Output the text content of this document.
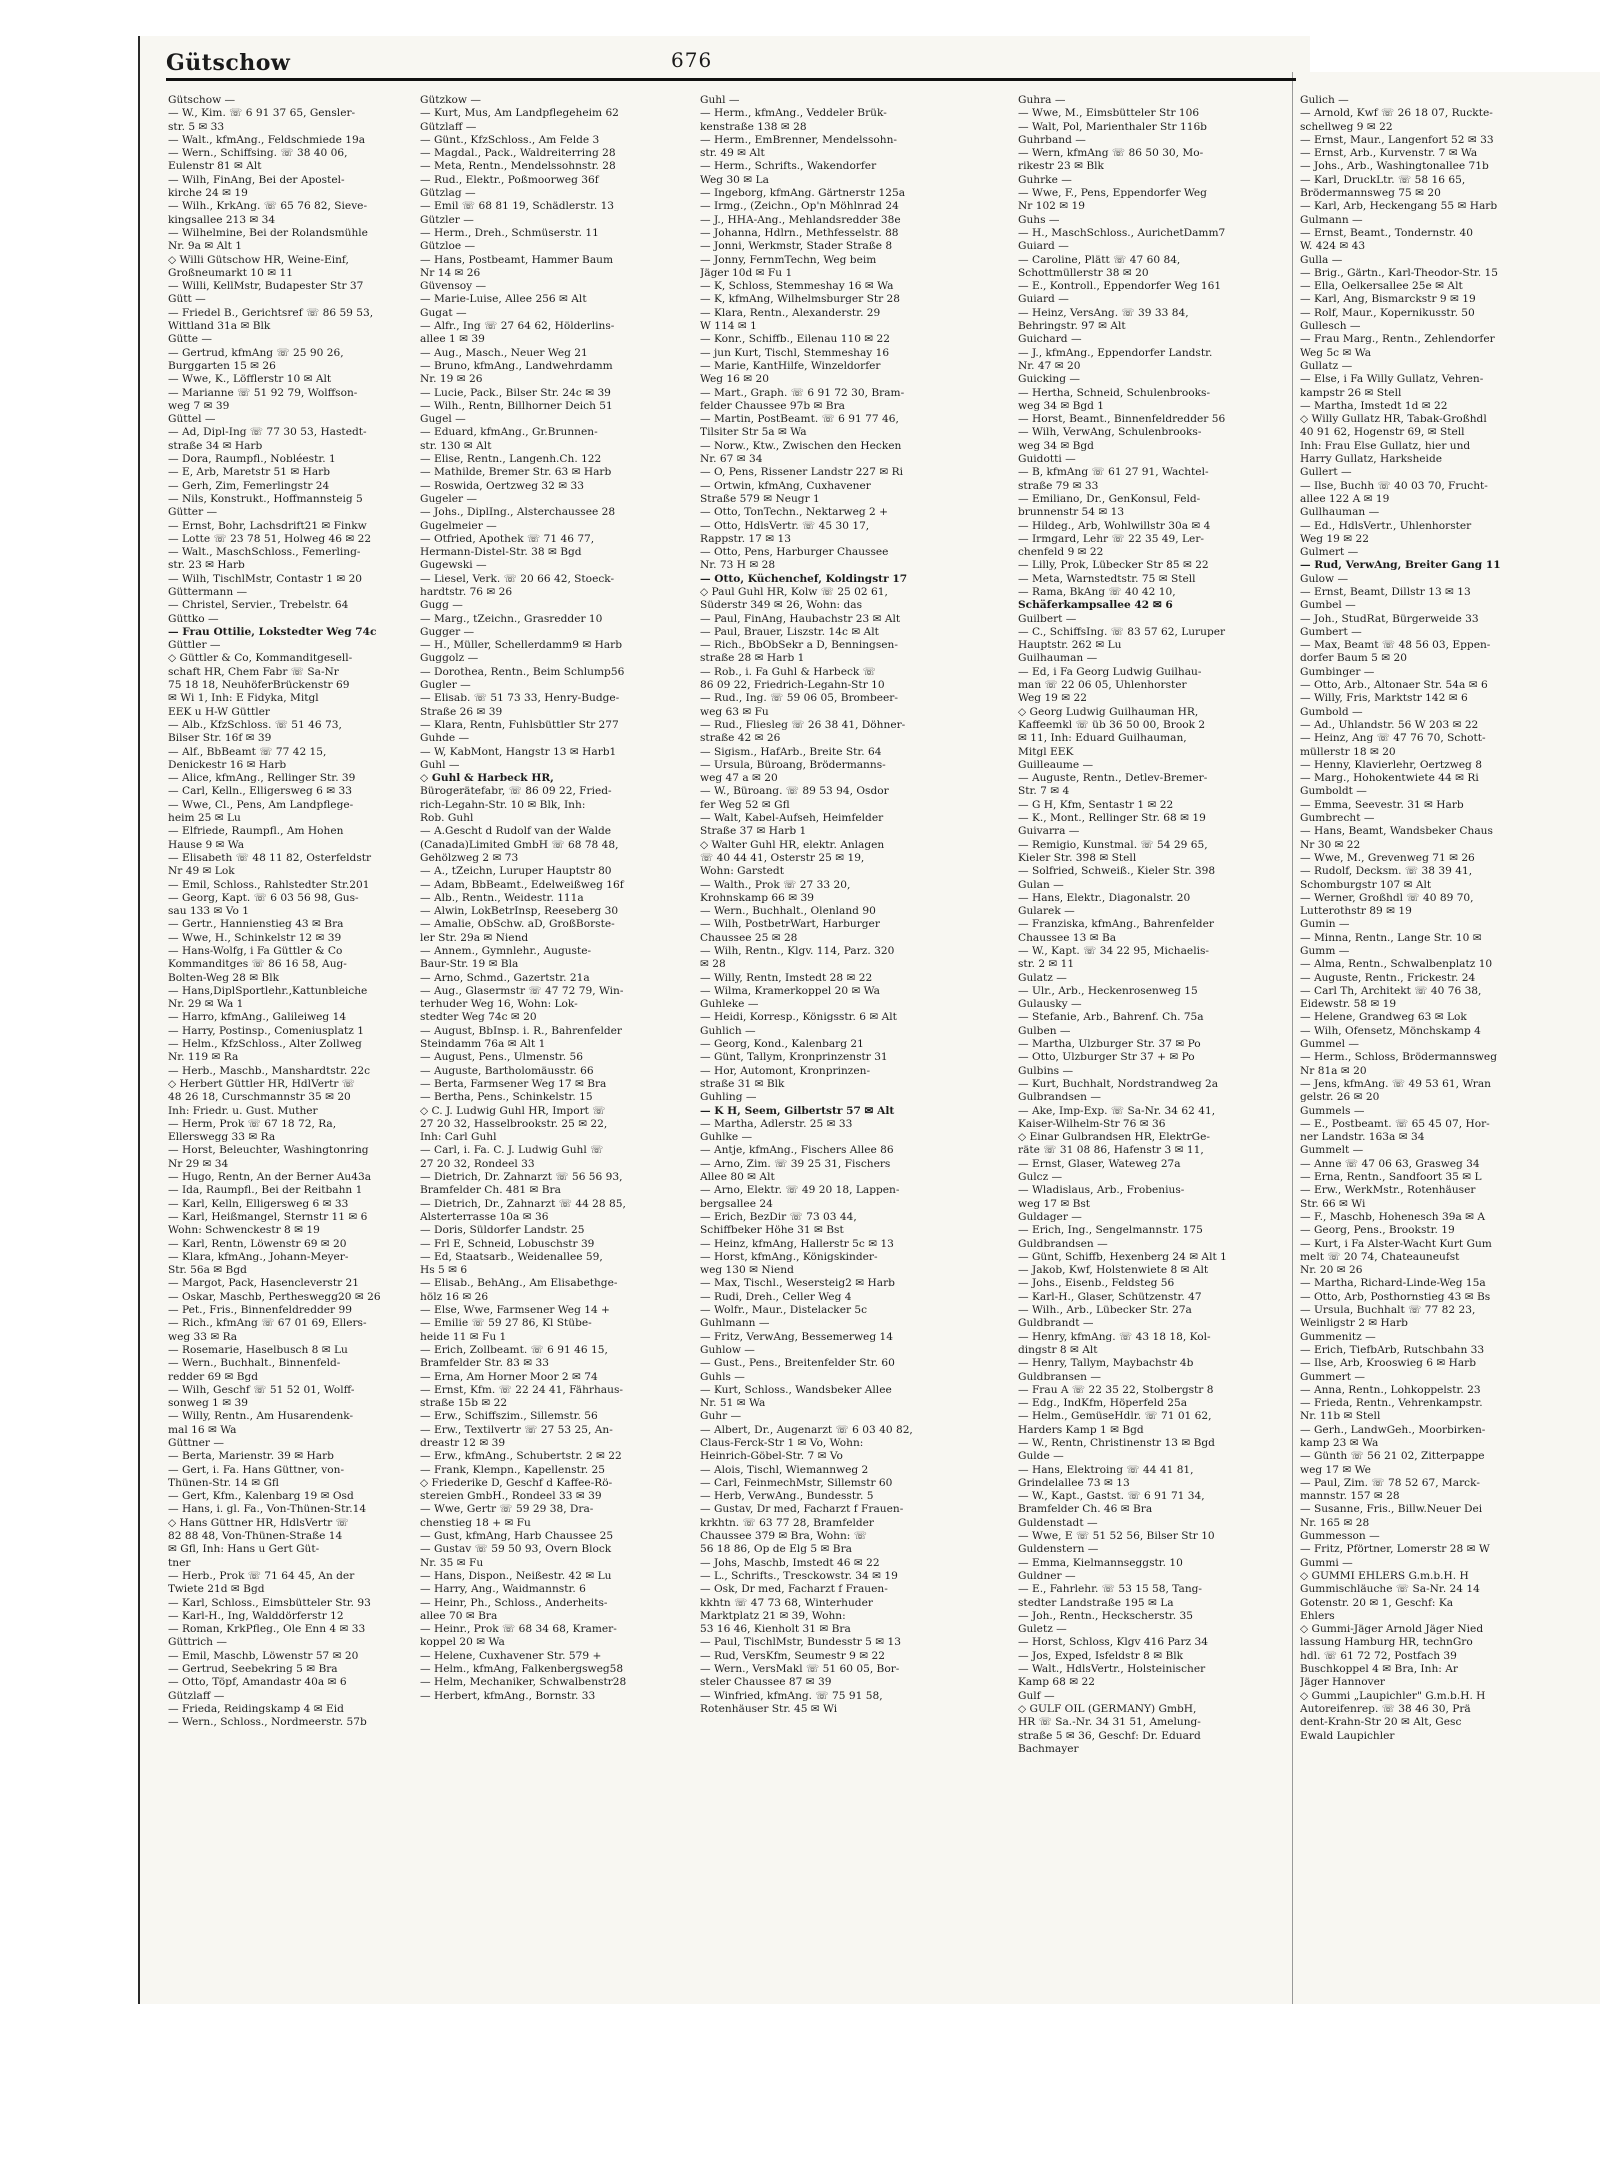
Gütschow	676
Gütschow —
— W., Kim. ☏ 6 91 37 65, Gensler-
str. 5 ✉ 33
— Walt., kfmAng., Feldschmiede 19a
— Wern., Schiffsing. ☏ 38 40 06,
Eulenstr 81 ✉ Alt
— Wilh, FinAng, Bei der Apostel-
kirche 24 ✉ 19
— Wilh., KrkAng. ☏ 65 76 82, Sieve-
kingsallee 213 ✉ 34
— Wilhelmine, Bei der Rolandsmühle
Nr. 9a ✉ Alt 1
◇ Willi Gütschow HR, Weine-Einf,
Großneumarkt 10 ✉ 11
— Willi, KellMstr, Budapester Str 37
Gütt —
— Friedel B., Gerichtsref ☏ 86 59 53,
Wittland 31a ✉ Blk
Gütte —
— Gertrud, kfmAng ☏ 25 90 26,
Burggarten 15 ✉ 26
— Wwe, K., Löfflerstr 10 ✉ Alt
— Marianne ☏ 51 92 79, Wolffson-
weg 7 ✉ 39
Güttel —
— Ad, Dipl-Ing ☏ 77 30 53, Hastedt-
straße 34 ✉ Harb
— Dora, Raumpfl., Nobléestr. 1
— E, Arb, Maretstr 51 ✉ Harb
— Gerh, Zim, Femerlingstr 24
— Nils, Konstrukt., Hoffmannsteig 5
Gütter —
— Ernst, Bohr, Lachsdrift21 ✉ Finkw
— Lotte ☏ 23 78 51, Holweg 46 ✉ 22
— Walt., MaschSchloss., Femerling-
str. 23 ✉ Harb
— Wilh, TischlMstr, Contastr 1 ✉ 20
Güttermann —
— Christel, Servier., Trebelstr. 64
Güttko —
— Frau Ottilie, Lokstedter Weg 74c
Güttler —
◇ Güttler & Co, Kommanditgesell-
schaft HR, Chem Fabr ☏ Sa-Nr
75 18 18, NeuhöferBrückenstr 69
✉ Wi 1, Inh: E Fidyka, Mitgl
EEK u H-W Güttler
— Alb., KfzSchloss. ☏ 51 46 73,
Bilser Str. 16f ✉ 39
— Alf., BbBeamt ☏ 77 42 15,
Denickestr 16 ✉ Harb
— Alice, kfmAng., Rellinger Str. 39
— Carl, Kelln., Elligersweg 6 ✉ 33
— Wwe, Cl., Pens, Am Landpflege-
heim 25 ✉ Lu
— Elfriede, Raumpfl., Am Hohen
Hause 9 ✉ Wa
— Elisabeth ☏ 48 11 82, Osterfeldstr
Nr 49 ✉ Lok
— Emil, Schloss., Rahlstedter Str.201
— Georg, Kapt. ☏ 6 03 56 98, Gus-
sau 133 ✉ Vo 1
— Gertr., Hannienstieg 43 ✉ Bra
— Wwe, H., Schinkelstr 12 ✉ 39
— Hans-Wolfg, i Fa Güttler & Co
Kommanditges ☏ 86 16 58, Aug-
Bolten-Weg 28 ✉ Blk
— Hans,DiplSportlehr.,Kattunbleiche
Nr. 29 ✉ Wa 1
— Harro, kfmAng., Galileiweg 14
— Harry, Postinsp., Comeniusplatz 1
— Helm., KfzSchloss., Alter Zollweg
Nr. 119 ✉ Ra
— Herb., Maschb., Manshardtstr. 22c
◇ Herbert Güttler HR, HdlVertr ☏
48 26 18, Curschmannstr 35 ✉ 20
Inh: Friedr. u. Gust. Muther
— Herm, Prok ☏ 67 18 72, Ra,
Ellerswegg 33 ✉ Ra
— Horst, Beleuchter, Washingtonring
Nr 29 ✉ 34
— Hugo, Rentn, An der Berner Au43a
— Ida, Raumpfl., Bei der Reitbahn 1
— Karl, Kelln, Elligersweg 6 ✉ 33
— Karl, Heißmangel, Sternstr 11 ✉ 6
Wohn: Schwenckestr 8 ✉ 19
— Karl, Rentn, Löwenstr 69 ✉ 20
— Klara, kfmAng., Johann-Meyer-
Str. 56a ✉ Bgd
— Margot, Pack, Hasencleverstr 21
— Oskar, Maschb, Pertheswegg20 ✉ 26
— Pet., Fris., Binnenfeldredder 99
— Rich., kfmAng ☏ 67 01 69, Ellers-
weg 33 ✉ Ra
— Rosemarie, Haselbusch 8 ✉ Lu
— Wern., Buchhalt., Binnenfeld-
redder 69 ✉ Bgd
— Wilh, Geschf ☏ 51 52 01, Wolff-
sonweg 1 ✉ 39
— Willy, Rentn., Am Husarendenk-
mal 16 ✉ Wa
Güttner —
— Berta, Marienstr. 39 ✉ Harb
— Gert, i. Fa. Hans Güttner, von-
Thünen-Str. 14 ✉ Gfl
— Gert, Kfm., Kalenbarg 19 ✉ Osd
— Hans, i. gl. Fa., Von-Thünen-Str.14
◇ Hans Güttner HR, HdlsVertr ☏
82 88 48, Von-Thünen-Straße 14
✉ Gfl, Inh: Hans u Gert Güt-
tner
— Herb., Prok ☏ 71 64 45, An der
Twiete 21d ✉ Bgd
— Karl, Schloss., Eimsbütteler Str. 93
— Karl-H., Ing, Walddörferstr 12
— Roman, KrkPfleg., Ole Enn 4 ✉ 33
Güttrich —
— Emil, Maschb, Löwenstr 57 ✉ 20
— Gertrud, Seebekring 5 ✉ Bra
— Otto, Töpf, Amandastr 40a ✉ 6
Gützlaff —
— Frieda, Reidingskamp 4 ✉ Eid
— Wern., Schloss., Nordmeerstr. 57b
Gützkow —
— Kurt, Mus, Am Landpflegeheim 62
Gützlaff —
— Günt., KfzSchloss., Am Felde 3
— Magdal., Pack., Waldreiterring 28
— Meta, Rentn., Mendelssohnstr. 28
— Rud., Elektr., Poßmoorweg 36f
Gützlag —
— Emil ☏ 68 81 19, Schädlerstr. 13
Gützler —
— Herm., Dreh., Schmüserstr. 11
Gützloe —
— Hans, Postbeamt, Hammer Baum
Nr 14 ✉ 26
Güvensoy —
— Marie-Luise, Allee 256 ✉ Alt
Gugat —
— Alfr., Ing ☏ 27 64 62, Hölderlins-
allee 1 ✉ 39
— Aug., Masch., Neuer Weg 21
— Bruno, kfmAng., Landwehrdamm
Nr. 19 ✉ 26
— Lucie, Pack., Bilser Str. 24c ✉ 39
— Wilh., Rentn, Billhorner Deich 51
Gugel —
— Eduard, kfmAng., Gr.Brunnen-
str. 130 ✉ Alt
— Elise, Rentn., Langenh.Ch. 122
— Mathilde, Bremer Str. 63 ✉ Harb
— Roswida, Oertzweg 32 ✉ 33
Gugeler —
— Johs., DiplIng., Alsterchaussee 28
Gugelmeier —
— Otfried, Apothek ☏ 71 46 77,
Hermann-Distel-Str. 38 ✉ Bgd
Gugewski —
— Liesel, Verk. ☏ 20 66 42, Stoeck-
hardtstr. 76 ✉ 26
Gugg —
— Marg., tZeichn., Grasredder 10
Gugger —
— H., Müller, Schellerdamm9 ✉ Harb
Guggolz —
— Dorothea, Rentn., Beim Schlump56
Gugler —
— Elisab. ☏ 51 73 33, Henry-Budge-
Straße 26 ✉ 39
— Klara, Rentn, Fuhlsbüttler Str 277
Guhde —
— W, KabMont, Hangstr 13 ✉ Harb1
Guhl —
◇ Guhl & Harbeck HR,
Bürogerätefabr, ☏ 86 09 22, Fried-
rich-Legahn-Str. 10 ✉ Blk, Inh:
Rob. Guhl
— A.Gescht d Rudolf van der Walde
(Canada)Limited GmbH ☏ 68 78 48,
Gehölzweg 2 ✉ 73
— A., tZeichn, Luruper Hauptstr 80
— Adam, BbBeamt., Edelweißweg 16f
— Alb., Rentn., Weidestr. 111a
— Alwin, LokBetrInsp, Reeseberg 30
— Amalie, ObSchw. aD, GroßBorste-
ler Str. 29a ✉ Niend
— Annem., Gymnlehr., Auguste-
Baur-Str. 19 ✉ Bla
— Arno, Schmd., Gazertstr. 21a
— Aug., Glasermstr ☏ 47 72 79, Win-
terhuder Weg 16, Wohn: Lok-
stedter Weg 74c ✉ 20
— August, BbInsp. i. R., Bahrenfelder
Steindamm 76a ✉ Alt 1
— August, Pens., Ulmenstr. 56
— Auguste, Bartholomäusstr. 66
— Berta, Farmsener Weg 17 ✉ Bra
— Bertha, Pens., Schinkelstr. 15
◇ C. J. Ludwig Guhl HR, Import ☏
27 20 32, Hasselbrookstr. 25 ✉ 22,
Inh: Carl Guhl
— Carl, i. Fa. C. J. Ludwig Guhl ☏
27 20 32, Rondeel 33
— Dietrich, Dr. Zahnarzt ☏ 56 56 93,
Bramfelder Ch. 481 ✉ Bra
— Dietrich, Dr., Zahnarzt ☏ 44 28 85,
Alsterterrasse 10a ✉ 36
— Doris, Süldorfer Landstr. 25
— Frl E, Schneid, Lobuschstr 39
— Ed, Staatsarb., Weidenallee 59,
Hs 5 ✉ 6
— Elisab., BehAng., Am Elisabethge-
hölz 16 ✉ 26
— Else, Wwe, Farmsener Weg 14 +
— Emilie ☏ 59 27 86, Kl Stübe-
heide 11 ✉ Fu 1
— Erich, Zollbeamt. ☏ 6 91 46 15,
Bramfelder Str. 83 ✉ 33
— Erna, Am Horner Moor 2 ✉ 74
— Ernst, Kfm. ☏ 22 24 41, Fährhaus-
straße 15b ✉ 22
— Erw., Schiffszim., Sillemstr. 56
— Erw., Textilvertr ☏ 27 53 25, An-
dreastr 12 ✉ 39
— Erw., kfmAng., Schubertstr. 2 ✉ 22
— Frank, Klempn., Kapellenstr. 25
◇ Friederike D, Geschf d Kaffee-Rö-
stereien GmbH., Rondeel 33 ✉ 39
— Wwe, Gertr ☏ 59 29 38, Dra-
chenstieg 18 + ✉ Fu
— Gust, kfmAng, Harb Chaussee 25
— Gustav ☏ 59 50 93, Overn Block
Nr. 35 ✉ Fu
— Hans, Dispon., Neißestr. 42 ✉ Lu
— Harry, Ang., Waidmannstr. 6
— Heinr, Ph., Schloss., Anderheits-
allee 70 ✉ Bra
— Heinr., Prok ☏ 68 34 68, Kramer-
koppel 20 ✉ Wa
— Helene, Cuxhavener Str. 579 +
— Helm., kfmAng, Falkenbergsweg58
— Helm, Mechaniker, Schwalbenstr28
— Herbert, kfmAng., Bornstr. 33
Guhl —
— Herm., kfmAng., Veddeler Brük-
kenstraße 138 ✉ 28
— Herm., EmBrenner, Mendelssohn-
str. 49 ✉ Alt
— Herm., Schrifts., Wakendorfer
Weg 30 ✉ La
— Ingeborg, kfmAng. Gärtnerstr 125a
— Irmg., (Zeichn., Op'n Möhlnrad 24
— J., HHA-Ang., Mehlandsredder 38e
— Johanna, Hdlrn., Methfesselstr. 88
— Jonni, Werkmstr, Stader Straße 8
— Jonny, FernmTechn, Weg beim
Jäger 10d ✉ Fu 1
— K, Schloss, Stemmeshay 16 ✉ Wa
— K, kfmAng, Wilhelmsburger Str 28
— Klara, Rentn., Alexanderstr. 29
W 114 ✉ 1
— Konr., Schiffb., Eilenau 110 ✉ 22
— jun Kurt, Tischl, Stemmeshay 16
— Marie, KantHilfe, Winzeldorfer
Weg 16 ✉ 20
— Mart., Graph. ☏ 6 91 72 30, Bram-
felder Chaussee 97b ✉ Bra
— Martin, PostBeamt. ☏ 6 91 77 46,
Tilsiter Str 5a ✉ Wa
— Norw., Ktw., Zwischen den Hecken
Nr. 67 ✉ 34
— O, Pens, Rissener Landstr 227 ✉ Ri
— Ortwin, kfmAng, Cuxhavener
Straße 579 ✉ Neugr 1
— Otto, TonTechn., Nektarweg 2 +
— Otto, HdlsVertr. ☏ 45 30 17,
Rappstr. 17 ✉ 13
— Otto, Pens, Harburger Chaussee
Nr. 73 H ✉ 28
— Otto, Küchenchef, Koldingstr 17
◇ Paul Guhl HR, Kolw ☏ 25 02 61,
Süderstr 349 ✉ 26, Wohn: das
— Paul, FinAng, Haubachstr 23 ✉ Alt
— Paul, Brauer, Liszstr. 14c ✉ Alt
— Rich., BbObSekr a D, Benningsen-
straße 28 ✉ Harb 1
— Rob., i. Fa Guhl & Harbeck ☏
86 09 22, Friedrich-Legahn-Str 10
— Rud., Ing. ☏ 59 06 05, Brombeer-
weg 63 ✉ Fu
— Rud., Fliesleg ☏ 26 38 41, Döhner-
straße 42 ✉ 26
— Sigism., HafArb., Breite Str. 64
— Ursula, Büroang, Brödermanns-
weg 47 a ✉ 20
— W., Büroang. ☏ 89 53 94, Osdor
fer Weg 52 ✉ Gfl
— Walt, Kabel-Aufseh, Heimfelder
Straße 37 ✉ Harb 1
◇ Walter Guhl HR, elektr. Anlagen
☏ 40 44 41, Osterstr 25 ✉ 19,
Wohn: Garstedt
— Walth., Prok ☏ 27 33 20,
Krohnskamp 66 ✉ 39
— Wern., Buchhalt., Olenland 90
— Wilh, PostbetrWart, Harburger
Chaussee 25 ✉ 28
— Wilh, Rentn., Klgv. 114, Parz. 320
✉ 28
— Willy, Rentn, Imstedt 28 ✉ 22
— Wilma, Kramerkoppel 20 ✉ Wa
Guhleke —
— Heidi, Korresp., Königsstr. 6 ✉ Alt
Guhlich —
— Georg, Kond., Kalenbarg 21
— Günt, Tallym, Kronprinzenstr 31
— Hor, Automont, Kronprinzen-
straße 31 ✉ Blk
Guhling —
— K H, Seem, Gilbertstr 57 ✉ Alt
— Martha, Adlerstr. 25 ✉ 33
Guhlke —
— Antje, kfmAng., Fischers Allee 86
— Arno, Zim. ☏ 39 25 31, Fischers
Allee 80 ✉ Alt
— Arno, Elektr. ☏ 49 20 18, Lappen-
bergsallee 24
— Erich, BezDir ☏ 73 03 44,
Schiffbeker Höhe 31 ✉ Bst
— Heinz, kfmAng, Hallerstr 5c ✉ 13
— Horst, kfmAng., Königskinder-
weg 130 ✉ Niend
— Max, Tischl., Wesersteig2 ✉ Harb
— Rudi, Dreh., Celler Weg 4
— Wolfr., Maur., Distelacker 5c
Guhlmann —
— Fritz, VerwAng, Bessemerweg 14
Guhlow —
— Gust., Pens., Breitenfelder Str. 60
Guhls —
— Kurt, Schloss., Wandsbeker Allee
Nr. 51 ✉ Wa
Guhr —
— Albert, Dr., Augenarzt ☏ 6 03 40 82,
Claus-Ferck-Str 1 ✉ Vo, Wohn:
Heinrich-Göbel-Str. 7 ✉ Vo
— Alois, Tischl, Wiemannweg 2
— Carl, FeinmechMstr, Sillemstr 60
— Herb, VerwAng., Bundesstr. 5
— Gustav, Dr med, Facharzt f Frauen-
krkhtn. ☏ 63 77 28, Bramfelder
Chaussee 379 ✉ Bra, Wohn: ☏
56 18 86, Op de Elg 5 ✉ Bra
— Johs, Maschb, Imstedt 46 ✉ 22
— L., Schrifts., Tresckowstr. 34 ✉ 19
— Osk, Dr med, Facharzt f Frauen-
kkhtn ☏ 47 73 68, Winterhuder
Marktplatz 21 ✉ 39, Wohn:
53 16 46, Kienholt 31 ✉ Bra
— Paul, TischlMstr, Bundesstr 5 ✉ 13
— Rud, VersKfm, Seumestr 9 ✉ 22
— Wern., VersMakl ☏ 51 60 05, Bor-
steler Chaussee 87 ✉ 39
— Winfried, kfmAng. ☏ 75 91 58,
Rotenhäuser Str. 45 ✉ Wi
Guhra —
— Wwe, M., Eimsbütteler Str 106
— Walt, Pol, Marienthaler Str 116b
Guhrband —
— Wern, kfmAng ☏ 86 50 30, Mo-
rikestr 23 ✉ Blk
Guhrke —
— Wwe, F., Pens, Eppendorfer Weg
Nr 102 ✉ 19
Guhs —
— H., MaschSchloss., AurichetDamm7
Guiard —
— Caroline, Plätt ☏ 47 60 84,
Schottmüllerstr 38 ✉ 20
— E., Kontroll., Eppendorfer Weg 161
Guiard —
— Heinz, VersAng. ☏ 39 33 84,
Behringstr. 97 ✉ Alt
Guichard —
— J., kfmAng., Eppendorfer Landstr.
Nr. 47 ✉ 20
Guicking —
— Hertha, Schneid, Schulenbrooks-
weg 34 ✉ Bgd 1
— Horst, Beamt., Binnenfeldredder 56
— Wilh, VerwAng, Schulenbrooks-
weg 34 ✉ Bgd
Guidotti —
— B, kfmAng ☏ 61 27 91, Wachtel-
straße 79 ✉ 33
— Emiliano, Dr., GenKonsul, Feld-
brunnenstr 54 ✉ 13
— Hildeg., Arb, Wohlwillstr 30a ✉ 4
— Irmgard, Lehr ☏ 22 35 49, Ler-
chenfeld 9 ✉ 22
— Lilly, Prok, Lübecker Str 85 ✉ 22
— Meta, Warnstedtstr. 75 ✉ Stell
— Rama, BkAng ☏ 40 42 10,
Schäferkampsallee 42 ✉ 6
Guilbert —
— C., SchiffsIng. ☏ 83 57 62, Luruper
Hauptstr. 262 ✉ Lu
Guilhauman —
— Ed, i Fa Georg Ludwig Guilhau-
man ☏ 22 06 05, Uhlenhorster
Weg 19 ✉ 22
◇ Georg Ludwig Guilhauman HR,
Kaffeemkl ☏ üb 36 50 00, Brook 2
✉ 11, Inh: Eduard Guilhauman,
Mitgl EEK
Guilleaume —
— Auguste, Rentn., Detlev-Bremer-
Str. 7 ✉ 4
— G H, Kfm, Sentastr 1 ✉ 22
— K., Mont., Rellinger Str. 68 ✉ 19
Guivarra —
— Remigio, Kunstmal. ☏ 54 29 65,
Kieler Str. 398 ✉ Stell
— Solfried, Schweiß., Kieler Str. 398
Gulan —
— Hans, Elektr., Diagonalstr. 20
Gularek —
— Franziska, kfmAng., Bahrenfelder
Chaussee 13 ✉ Ba
— W., Kapt. ☏ 34 22 95, Michaelis-
str. 2 ✉ 11
Gulatz —
— Ulr., Arb., Heckenrosenweg 15
Gulausky —
— Stefanie, Arb., Bahrenf. Ch. 75a
Gulben —
— Martha, Ulzburger Str. 37 ✉ Po
— Otto, Ulzburger Str 37 + ✉ Po
Gulbins —
— Kurt, Buchhalt, Nordstrandweg 2a
Gulbrandsen —
— Ake, Imp-Exp. ☏ Sa-Nr. 34 62 41,
Kaiser-Wilhelm-Str 76 ✉ 36
◇ Einar Gulbrandsen HR, ElektrGe-
räte ☏ 31 08 86, Hafenstr 3 ✉ 11,
— Ernst, Glaser, Wateweg 27a
Gulcz —
— Wladislaus, Arb., Frobenius-
weg 17 ✉ Bst
Guldager —
— Erich, Ing., Sengelmannstr. 175
Guldbrandsen —
— Günt, Schiffb, Hexenberg 24 ✉ Alt 1
— Jakob, Kwf, Holstenwiete 8 ✉ Alt
— Johs., Eisenb., Feldsteg 56
— Karl-H., Glaser, Schützenstr. 47
— Wilh., Arb., Lübecker Str. 27a
Guldbrandt —
— Henry, kfmAng. ☏ 43 18 18, Kol-
dingstr 8 ✉ Alt
— Henry, Tallym, Maybachstr 4b
Guldbransen —
— Frau A ☏ 22 35 22, Stolbergstr 8
— Edg., IndKfm, Höperfeld 25a
— Helm., GemüseHdlr. ☏ 71 01 62,
Harders Kamp 1 ✉ Bgd
— W., Rentn, Christinenstr 13 ✉ Bgd
Gulde —
— Hans, Elektroing ☏ 44 41 81,
Grindelallee 73 ✉ 13
— W., Kapt., Gastst. ☏ 6 91 71 34,
Bramfelder Ch. 46 ✉ Bra
Guldenstadt —
— Wwe, E ☏ 51 52 56, Bilser Str 10
Guldenstern —
— Emma, Kielmannseggstr. 10
Guldner —
— E., Fahrlehr. ☏ 53 15 58, Tang-
stedter Landstraße 195 ✉ La
— Joh., Rentn., Heckscherstr. 35
Guletz —
— Horst, Schloss, Klgv 416 Parz 34
— Jos, Exped, Isfeldstr 8 ✉ Blk
— Walt., HdlsVertr., Holsteinischer
Kamp 68 ✉ 22
Gulf —
◇ GULF OIL (GERMANY) GmbH,
HR ☏ Sa.-Nr. 34 31 51, Amelung-
straße 5 ✉ 36, Geschf: Dr. Eduard
Bachmayer
Gulich —
— Arnold, Kwf ☏ 26 18 07, Ruckte-
schellweg 9 ✉ 22
— Ernst, Maur., Langenfort 52 ✉ 33
— Ernst, Arb., Kurvenstr. 7 ✉ Wa
— Johs., Arb., Washingtonallee 71b
— Karl, DruckLtr. ☏ 58 16 65,
Brödermannsweg 75 ✉ 20
— Karl, Arb, Heckengang 55 ✉ Harb
Gulmann —
— Ernst, Beamt., Tondernstr. 40
W. 424 ✉ 43
Gulla —
— Brig., Gärtn., Karl-Theodor-Str. 15
— Ella, Oelkersallee 25e ✉ Alt
— Karl, Ang, Bismarckstr 9 ✉ 19
— Rolf, Maur., Kopernikusstr. 50
Gullesch —
— Frau Marg., Rentn., Zehlendorfer
Weg 5c ✉ Wa
Gullatz —
— Else, i Fa Willy Gullatz, Vehren-
kampstr 26 ✉ Stell
— Martha, Imstedt 1d ✉ 22
◇ Willy Gullatz HR, Tabak-Großhdl
40 91 62, Hogenstr 69, ✉ Stell
Inh: Frau Else Gullatz, hier und
Harry Gullatz, Harksheide
Gullert —
— Ilse, Buchh ☏ 40 03 70, Frucht-
allee 122 A ✉ 19
Gullhauman —
— Ed., HdlsVertr., Uhlenhorster
Weg 19 ✉ 22
Gulmert —
— Rud, VerwAng, Breiter Gang 11
Gulow —
— Ernst, Beamt, Dillstr 13 ✉ 13
Gumbel —
— Joh., StudRat, Bürgerweide 33
Gumbert —
— Max, Beamt ☏ 48 56 03, Eppen-
dorfer Baum 5 ✉ 20
Gumbinger —
— Otto, Arb., Altonaer Str. 54a ✉ 6
— Willy, Fris, Marktstr 142 ✉ 6
Gumbold —
— Ad., Uhlandstr. 56 W 203 ✉ 22
— Heinz, Ang ☏ 47 76 70, Schott-
müllerstr 18 ✉ 20
— Henny, Klavierlehr, Oertzweg 8
— Marg., Hohokentwiete 44 ✉ Ri
Gumboldt —
— Emma, Seevestr. 31 ✉ Harb
Gumbrecht —
— Hans, Beamt, Wandsbeker Chaus
Nr 30 ✉ 22
— Wwe, M., Grevenweg 71 ✉ 26
— Rudolf, Decksm. ☏ 38 39 41,
Schomburgstr 107 ✉ Alt
— Werner, Großhdl ☏ 40 89 70,
Lutterothstr 89 ✉ 19
Gumin —
— Minna, Rentn., Lange Str. 10 ✉
Gumm —
— Alma, Rentn., Schwalbenplatz 10
— Auguste, Rentn., Frickestr. 24
— Carl Th, Architekt ☏ 40 76 38,
Eidewstr. 58 ✉ 19
— Helene, Grandweg 63 ✉ Lok
— Wilh, Ofensetz, Mönchskamp 4
Gummel —
— Herm., Schloss, Brödermannsweg
Nr 81a ✉ 20
— Jens, kfmAng. ☏ 49 53 61, Wran
gelstr. 26 ✉ 20
Gummels —
— E., Postbeamt. ☏ 65 45 07, Hor-
ner Landstr. 163a ✉ 34
Gummelt —
— Anne ☏ 47 06 63, Grasweg 34
— Erna, Rentn., Sandfoort 35 ✉ L
— Erw., WerkMstr., Rotenhäuser
Str. 66 ✉ Wi
— F., Maschb, Hohenesch 39a ✉ A
— Georg, Pens., Brookstr. 19
— Kurt, i Fa Alster-Wacht Kurt Gum
melt ☏ 20 74, Chateauneufst
Nr. 20 ✉ 26
— Martha, Richard-Linde-Weg 15a
— Otto, Arb, Posthornstieg 43 ✉ Bs
— Ursula, Buchhalt ☏ 77 82 23,
Weinligstr 2 ✉ Harb
Gummenitz —
— Erich, TiefbArb, Rutschbahn 33
— Ilse, Arb, Krooswieg 6 ✉ Harb
Gummert —
— Anna, Rentn., Lohkoppelstr. 23
— Frieda, Rentn., Vehrenkampstr.
Nr. 11b ✉ Stell
— Gerh., LandwGeh., Moorbirken-
kamp 23 ✉ Wa
— Günth ☏ 56 21 02, Zitterpappe
weg 17 ✉ We
— Paul, Zim. ☏ 78 52 67, Marck-
mannstr. 157 ✉ 28
— Susanne, Fris., Billw.Neuer Dei
Nr. 165 ✉ 28
Gummesson —
— Fritz, Pförtner, Lomerstr 28 ✉ W
Gummi —
◇ GUMMI EHLERS G.m.b.H. H
Gummischläuche ☏ Sa-Nr. 24 14
Gotenstr. 20 ✉ 1, Geschf: Ka
Ehlers
◇ Gummi-Jäger Arnold Jäger Nied
lassung Hamburg HR, technGro
hdl. ☏ 61 72 72, Postfach 39
Buschkoppel 4 ✉ Bra, Inh: Ar
Jäger Hannover
◇ Gummi „Laupichler" G.m.b.H. H
Autoreifenrep. ☏ 38 46 30, Prä
dent-Krahn-Str 20 ✉ Alt, Gesc
Ewald Laupichler
